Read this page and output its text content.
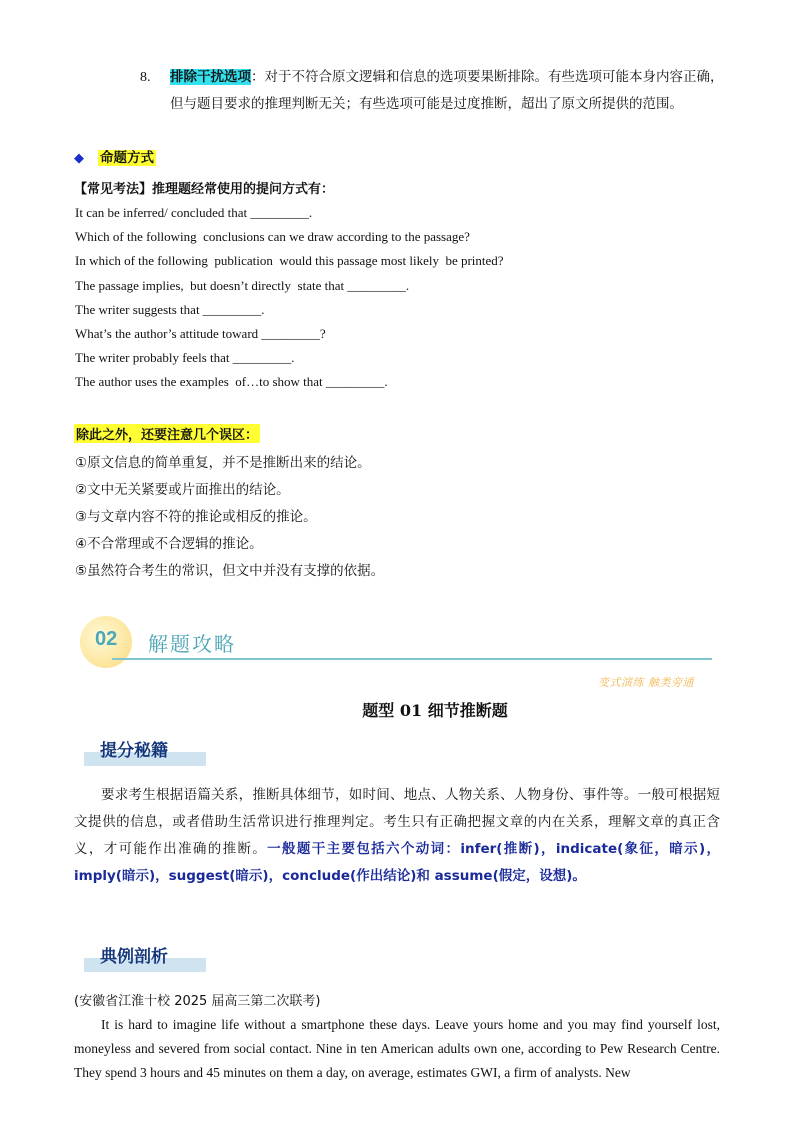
8. 排除干扰选项：对于不符合原文逻辑和信息的选项要果断排除。有些选项可能本身内容正确，但与题目要求的推理判断无关；有些选项可能是过度推断，超出了原文所提供的范围。
◆ 命题方式
【常见考法】推理题经常使用的提问方式有：
It can be inferred/ concluded that _________.
Which of the following  conclusions can we draw according to the passage?
In which of the following  publication  would this passage most likely  be printed?
The passage implies,  but doesn’t directly  state that _________.
The writer suggests that _________.
What’s the author’s attitude toward _________?
The writer probably feels that _________.
The author uses the examples  of…to show that _________.
除此之外，还要注意几个误区：
①原文信息的简单重复，并不是推断出来的结论。
②文中无关紧要或片面推出的结论。
③与文章内容不符的推论或相反的推论。
④不合常理或不合逻辑的推论。
⑤虽然符合考生的常识，但文中并没有支撑的依据。
02 解题攻略
变式演练 触类旁通
题型 01 细节推断题
提分秘籍
要求考生根据语篇关系，推断具体细节，如时间、地点、人物关系、人物身份、事件等。一般可根据短文提供的信息，或者借助生活常识进行推理判定。考生只有正确把握文章的内在关系，理解文章的真正含义，才可能作出准确的推断。一般题干主要包括六个动词：infer(推断)，indicate(象征，暗示)，imply(暗示)，suggest(暗示)，conclude(作出结论)和 assume(假定，设想)。
典例剖析
(安徽省江淮十校 2025 届高三第二次联考)
It is hard to imagine life without a smartphone these days. Leave yours home and you may find yourself lost, moneyless and severed from social contact. Nine in ten American adults own one, according to Pew Research Centre. They spend 3 hours and 45 minutes on them a day, on average, estimates GWI, a firm of analysts. New
